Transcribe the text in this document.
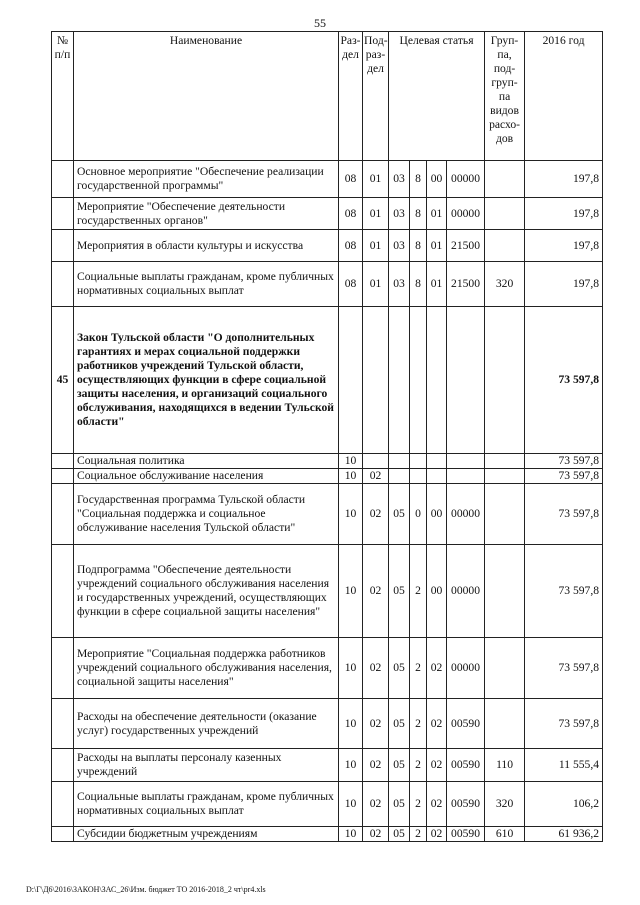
55
№ п/п	Наименование	Раз- дел	Под- раз- дел	Целевая статья				Груп- па, под- груп- па видов расхо- дов	2016 год
	Основное мероприятие "Обеспечение реализации государственной программы"	08	01	03	8	00	00000		197,8
	Мероприятие "Обеспечение деятельности государственных органов"	08	01	03	8	01	00000		197,8
	Мероприятия в области культуры и искусства	08	01	03	8	01	21500		197,8
	Социальные выплаты гражданам, кроме публичных нормативных социальных выплат	08	01	03	8	01	21500	320	197,8
45	Закон Тульской области "О дополнительных гарантиях и мерах социальной поддержки работников учреждений Тульской области, осуществляющих функции в сфере социальной защиты населения, и организаций социального обслуживания, находящихся в ведении Тульской области"								73 597,8
	Социальная политика	10							73 597,8
	Социальное обслуживание населения	10	02						73 597,8
	Государственная программа Тульской области "Социальная поддержка и социальное обслуживание населения Тульской области"	10	02	05	0	00	00000		73 597,8
	Подпрограмма "Обеспечение деятельности учреждений социального обслуживания населения и государственных учреждений, осуществляющих функции в сфере социальной защиты населения"	10	02	05	2	00	00000		73 597,8
	Мероприятие "Социальная поддержка работников учреждений социального обслуживания населения, социальной защиты населения"	10	02	05	2	02	00000		73 597,8
	Расходы на обеспечение деятельности (оказание услуг) государственных учреждений	10	02	05	2	02	00590		73 597,8
	Расходы на выплаты персоналу казенных учреждений	10	02	05	2	02	00590	110	11 555,4
	Социальные выплаты гражданам, кроме публичных нормативных социальных выплат	10	02	05	2	02	00590	320	106,2
	Субсидии бюджетным учреждениям	10	02	05	2	02	00590	610	61 936,2
D:\Г\Д6\2016\ЗАКОН\ЗАС_26\Изм. бюджет ТО 2016-2018_2 чт\pr4.xls
